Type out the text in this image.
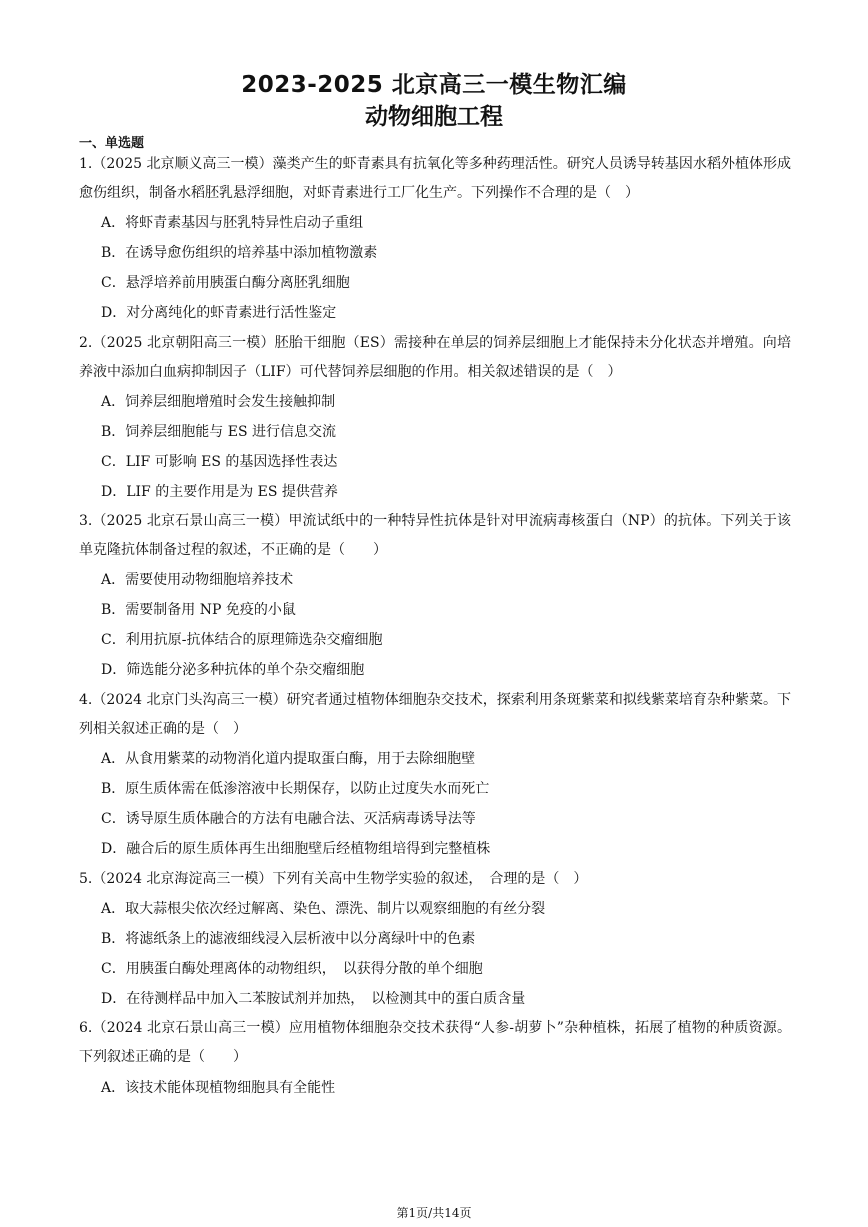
2023-2025 北京高三一模生物汇编
动物细胞工程
一、单选题
1.（2025 北京顺义高三一模）藻类产生的虾青素具有抗氧化等多种药理活性。研究人员诱导转基因水稻外植体形成愈伤组织，制备水稻胚乳悬浮细胞，对虾青素进行工厂化生产。下列操作不合理的是（　）
A．将虾青素基因与胚乳特异性启动子重组
B．在诱导愈伤组织的培养基中添加植物激素
C．悬浮培养前用胰蛋白酶分离胚乳细胞
D．对分离纯化的虾青素进行活性鉴定
2.（2025 北京朝阳高三一模）胚胎干细胞（ES）需接种在单层的饲养层细胞上才能保持未分化状态并增殖。向培养液中添加白血病抑制因子（LIF）可代替饲养层细胞的作用。相关叙述错误的是（　）
A．饲养层细胞增殖时会发生接触抑制
B．饲养层细胞能与 ES 进行信息交流
C．LIF 可影响 ES 的基因选择性表达
D．LIF 的主要作用是为 ES 提供营养
3.（2025 北京石景山高三一模）甲流试纸中的一种特异性抗体是针对甲流病毒核蛋白（NP）的抗体。下列关于该单克隆抗体制备过程的叙述，不正确的是（　　）
A．需要使用动物细胞培养技术
B．需要制备用 NP 免疫的小鼠
C．利用抗原-抗体结合的原理筛选杂交瘤细胞
D．筛选能分泌多种抗体的单个杂交瘤细胞
4.（2024 北京门头沟高三一模）研究者通过植物体细胞杂交技术，探索利用条斑紫菜和拟线紫菜培育杂种紫菜。下列相关叙述正确的是（　）
A．从食用紫菜的动物消化道内提取蛋白酶，用于去除细胞壁
B．原生质体需在低渗溶液中长期保存，以防止过度失水而死亡
C．诱导原生质体融合的方法有电融合法、灭活病毒诱导法等
D．融合后的原生质体再生出细胞壁后经植物组培得到完整植株
5.（2024 北京海淀高三一模）下列有关高中生物学实验的叙述，　合理的是（　）
A．取大蒜根尖依次经过解离、染色、漂洗、制片以观察细胞的有丝分裂
B．将滤纸条上的滤液细线浸入层析液中以分离绿叶中的色素
C．用胰蛋白酶处理离体的动物组织，　以获得分散的单个细胞
D．在待测样品中加入二苯胺试剂并加热，　以检测其中的蛋白质含量
6.（2024 北京石景山高三一模）应用植物体细胞杂交技术获得“人参-胡萝卜”杂种植株，拓展了植物的种质资源。下列叙述正确的是（　　）
A．该技术能体现植物细胞具有全能性
第1页/共14页
